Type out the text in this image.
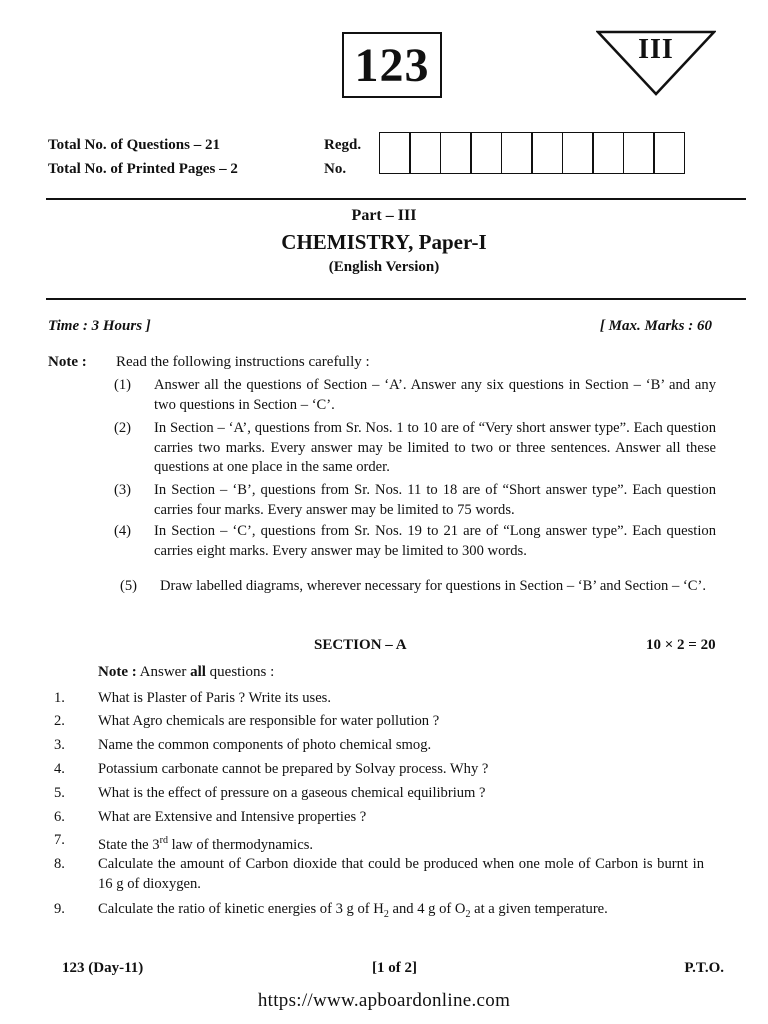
123	III
Total No. of Questions – 21
Total No. of Printed Pages – 2
Regd.
No.
Part – III
CHEMISTRY, Paper-I
(English Version)
Time : 3 Hours ]	[ Max. Marks : 60
Note : Read the following instructions carefully :
(1)	Answer all the questions of Section – ‘A’. Answer any six questions in Section – ‘B’ and any two questions in Section – ‘C’.
(2)	In Section – ‘A’, questions from Sr. Nos. 1 to 10 are of “Very short answer type”. Each question carries two marks. Every answer may be limited to two or three sentences. Answer all these questions at one place in the same order.
(3)	In Section – ‘B’, questions from Sr. Nos. 11 to 18 are of “Short answer type”. Each question carries four marks. Every answer may be limited to 75 words.
(4)	In Section – ‘C’, questions from Sr. Nos. 19 to 21 are of “Long answer type”. Each question carries eight marks. Every answer may be limited to 300 words.
(5)	Draw labelled diagrams, wherever necessary for questions in Section – ‘B’ and Section – ‘C’.
SECTION – A	10 × 2 = 20
Note : Answer all questions :
1.	What is Plaster of Paris ? Write its uses.
2.	What Agro chemicals are responsible for water pollution ?
3.	Name the common components of photo chemical smog.
4.	Potassium carbonate cannot be prepared by Solvay process. Why ?
5.	What is the effect of pressure on a gaseous chemical equilibrium ?
6.	What are Extensive and Intensive properties ?
7.	State the 3rd law of thermodynamics.
8.	Calculate the amount of Carbon dioxide that could be produced when one mole of Carbon is burnt in 16 g of dioxygen.
9.	Calculate the ratio of kinetic energies of 3 g of $H_2$ and 4 g of $O_2$ at a given temperature.
123 (Day-11)	[1 of 2]	P.T.O.
https://www.apboardonline.com
